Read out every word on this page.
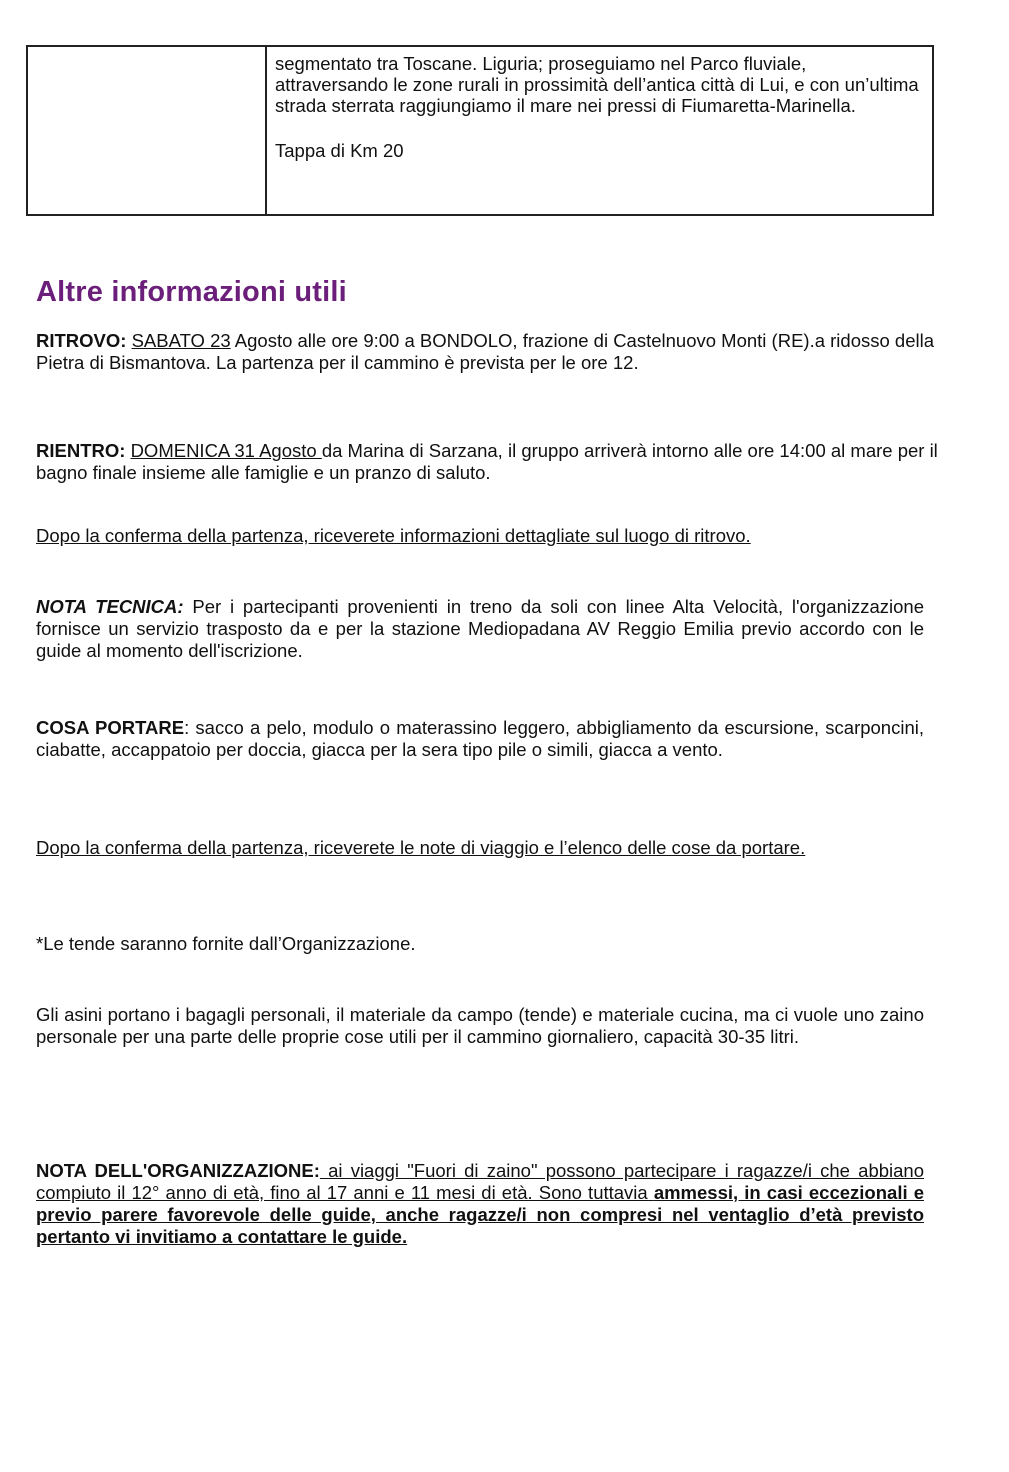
segmentato tra Toscane. Liguria; proseguiamo nel Parco fluviale, attraversando le zone rurali in prossimità dell’antica città di Lui, e con un’ultima strada sterrata raggiungiamo il mare nei pressi di Fiumaretta-Marinella.

Tappa di Km 20

Altre informazioni utili

RITROVO: SABATO 23 Agosto alle ore 9:00 a BONDOLO, frazione di Castelnuovo Monti (RE).a ridosso della Pietra di Bismantova. La partenza per il cammino è prevista per le ore 12.

RIENTRO: DOMENICA 31 Agosto da Marina di Sarzana, il gruppo arriverà intorno alle ore 14:00 al mare per il bagno finale insieme alle famiglie e un pranzo di saluto.

Dopo la conferma della partenza, riceverete informazioni dettagliate sul luogo di ritrovo.

NOTA TECNICA: Per i partecipanti provenienti in treno da soli con linee Alta Velocità, l'organizzazione fornisce un servizio trasposto da e per la stazione Mediopadana AV Reggio Emilia previo accordo con le guide al momento dell'iscrizione.

COSA PORTARE: sacco a pelo, modulo o materassino leggero, abbigliamento da escursione, scarponcini, ciabatte, accappatoio per doccia, giacca per la sera tipo pile o simili, giacca a vento.

Dopo la conferma della partenza, riceverete le note di viaggio e l’elenco delle cose da portare.

*Le tende saranno fornite dall’Organizzazione.

Gli asini portano i bagagli personali, il materiale da campo (tende) e materiale cucina, ma ci vuole uno zaino personale per una parte delle proprie cose utili per il cammino giornaliero, capacità 30-35 litri.

NOTA DELL'ORGANIZZAZIONE: ai viaggi "Fuori di zaino" possono partecipare i ragazze/i che abbiano compiuto il 12° anno di età, fino al 17 anni e 11 mesi di età. Sono tuttavia ammessi, in casi eccezionali e previo parere favorevole delle guide, anche ragazze/i non compresi nel ventaglio d’età previsto pertanto vi invitiamo a contattare le guide.
